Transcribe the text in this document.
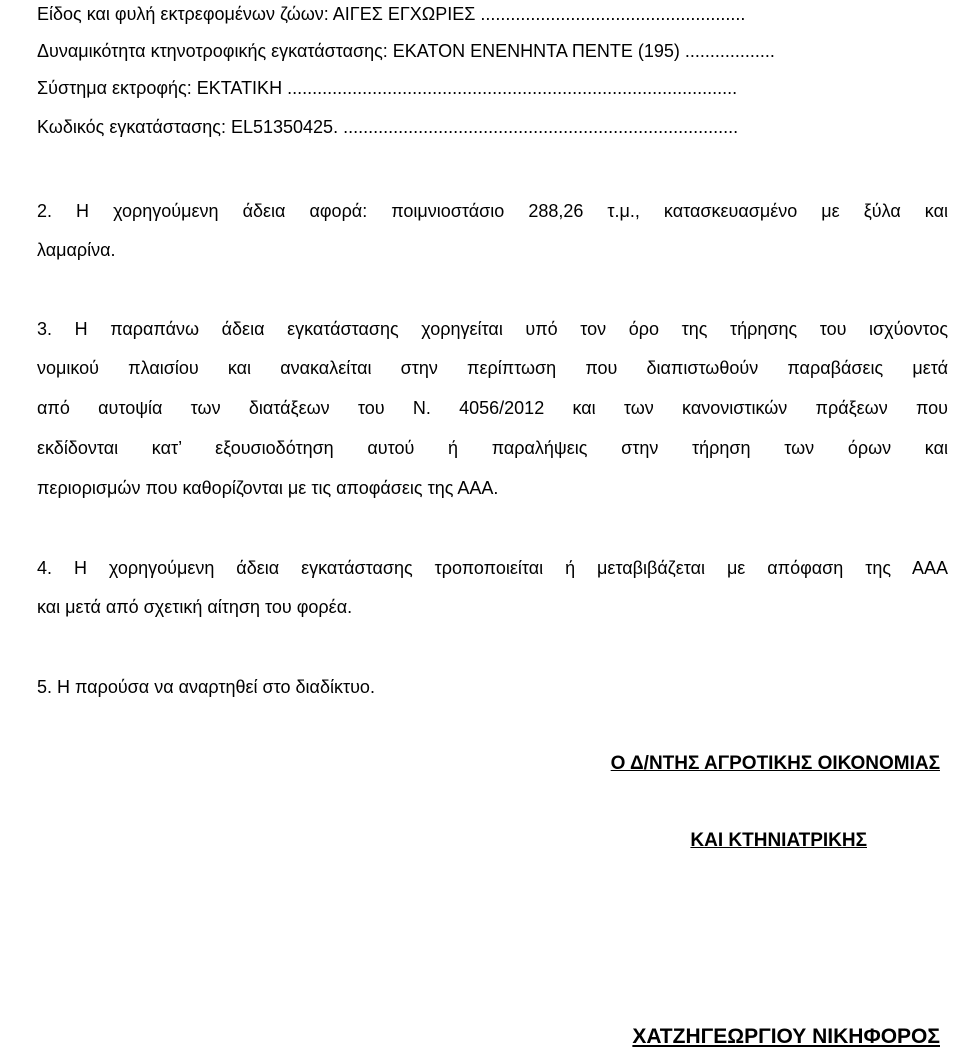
Είδος και φυλή εκτρεφομένων ζώων: ΑΙΓΕΣ ΕΓΧΩΡΙΕΣ .....................................................
Δυναμικότητα κτηνοτροφικής εγκατάστασης: ΕΚΑΤΟΝ ΕΝΕΝΗΝΤΑ ΠΕΝΤΕ (195) ..................
Σύστημα εκτροφής: ΕΚΤΑΤΙΚΗ ..........................................................................................
Κωδικός εγκατάστασης: EL51350425. ...............................................................................
2. Η χορηγούμενη άδεια αφορά: ποιμνιοστάσιο 288,26 τ.μ., κατασκευασμένο με ξύλα και
λαμαρίνα.
3. Η παραπάνω άδεια εγκατάστασης χορηγείται υπό τον όρο της τήρησης του ισχύοντος
νομικού πλαισίου και ανακαλείται στην περίπτωση που διαπιστωθούν παραβάσεις μετά
από αυτοψία των διατάξεων του Ν. 4056/2012 και των κανονιστικών πράξεων που
εκδίδονται κατ’ εξουσιοδότηση αυτού ή παραλήψεις στην τήρηση των όρων και
περιορισμών που καθορίζονται με τις αποφάσεις της ΑΑΑ.
4. Η χορηγούμενη άδεια εγκατάστασης τροποποιείται ή μεταβιβάζεται με απόφαση της ΑΑΑ
και μετά από σχετική αίτηση του φορέα.
5. Η παρούσα να αναρτηθεί στο διαδίκτυο.
Ο Δ/ΝΤΗΣ ΑΓΡΟΤΙΚΗΣ ΟΙΚΟΝΟΜΙΑΣ
ΚΑΙ ΚΤΗΝΙΑΤΡΙΚΗΣ
ΧΑΤΖΗΓΕΩΡΓΙΟΥ ΝΙΚΗΦΟΡΟΣ
